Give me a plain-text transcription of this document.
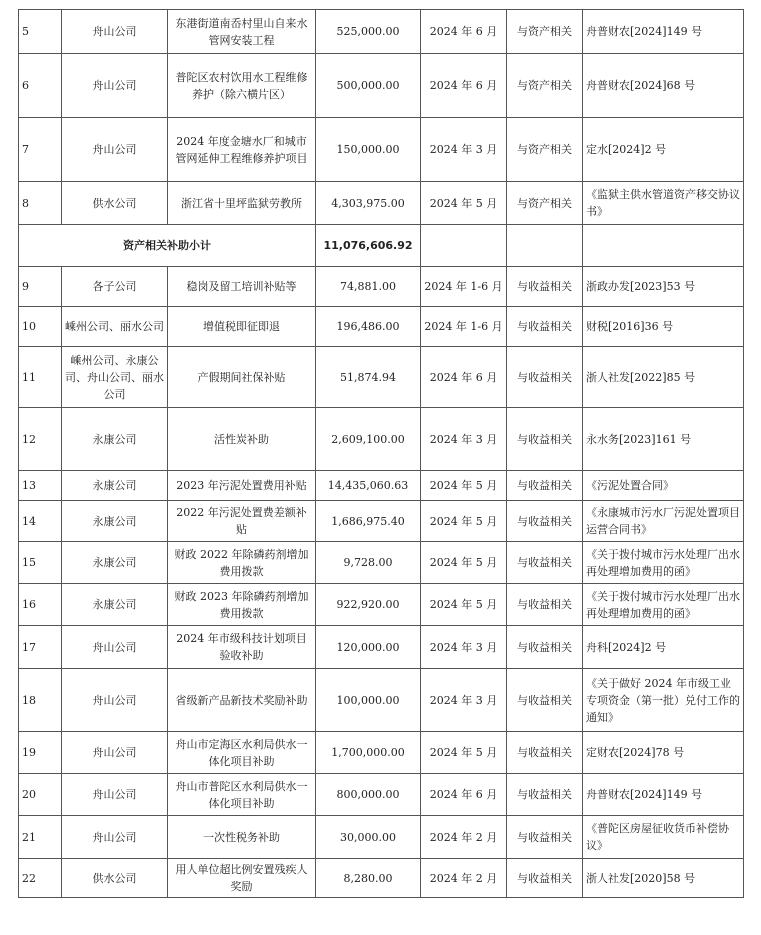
5	舟山公司	东港街道南岙村里山自来水管网安装工程	525,000.00	2024 年 6 月	与资产相关	舟普财农[2024]149 号
6	舟山公司	普陀区农村饮用水工程维修养护（除六横片区）	500,000.00	2024 年 6 月	与资产相关	舟普财农[2024]68 号
7	舟山公司	2024 年度金塘水厂和城市管网延伸工程维修养护项目	150,000.00	2024 年 3 月	与资产相关	定水[2024]2 号
8	供水公司	浙江省十里坪监狱劳教所	4,303,975.00	2024 年 5 月	与资产相关	《监狱主供水管道资产移交协议书》
资产相关补助小计			11,076,606.92			
9	各子公司	稳岗及留工培训补贴等	74,881.00	2024 年 1-6 月	与收益相关	浙政办发[2023]53 号
10	嵊州公司、丽水公司	增值税即征即退	196,486.00	2024 年 1-6 月	与收益相关	财税[2016]36 号
11	嵊州公司、永康公司、舟山公司、丽水公司	产假期间社保补贴	51,874.94	2024 年 6 月	与收益相关	浙人社发[2022]85 号
12	永康公司	活性炭补助	2,609,100.00	2024 年 3 月	与收益相关	永水务[2023]161 号
13	永康公司	2023 年污泥处置费用补贴	14,435,060.63	2024 年 5 月	与收益相关	《污泥处置合同》
14	永康公司	2022 年污泥处置费差额补贴	1,686,975.40	2024 年 5 月	与收益相关	《永康城市污水厂污泥处置项目运营合同书》
15	永康公司	财政 2022 年除磷药剂增加费用拨款	9,728.00	2024 年 5 月	与收益相关	《关于拨付城市污水处理厂出水再处理增加费用的函》
16	永康公司	财政 2023 年除磷药剂增加费用拨款	922,920.00	2024 年 5 月	与收益相关	《关于拨付城市污水处理厂出水再处理增加费用的函》
17	舟山公司	2024 年市级科技计划项目验收补助	120,000.00	2024 年 3 月	与收益相关	舟科[2024]2 号
18	舟山公司	省级新产品新技术奖励补助	100,000.00	2024 年 3 月	与收益相关	《关于做好 2024 年市级工业专项资金（第一批）兑付工作的通知》
19	舟山公司	舟山市定海区水利局供水一体化项目补助	1,700,000.00	2024 年 5 月	与收益相关	定财农[2024]78 号
20	舟山公司	舟山市普陀区水利局供水一体化项目补助	800,000.00	2024 年 6 月	与收益相关	舟普财农[2024]149 号
21	舟山公司	一次性税务补助	30,000.00	2024 年 2 月	与收益相关	《普陀区房屋征收货币补偿协议》
22	供水公司	用人单位超比例安置残疾人奖励	8,280.00	2024 年 2 月	与收益相关	浙人社发[2020]58 号
